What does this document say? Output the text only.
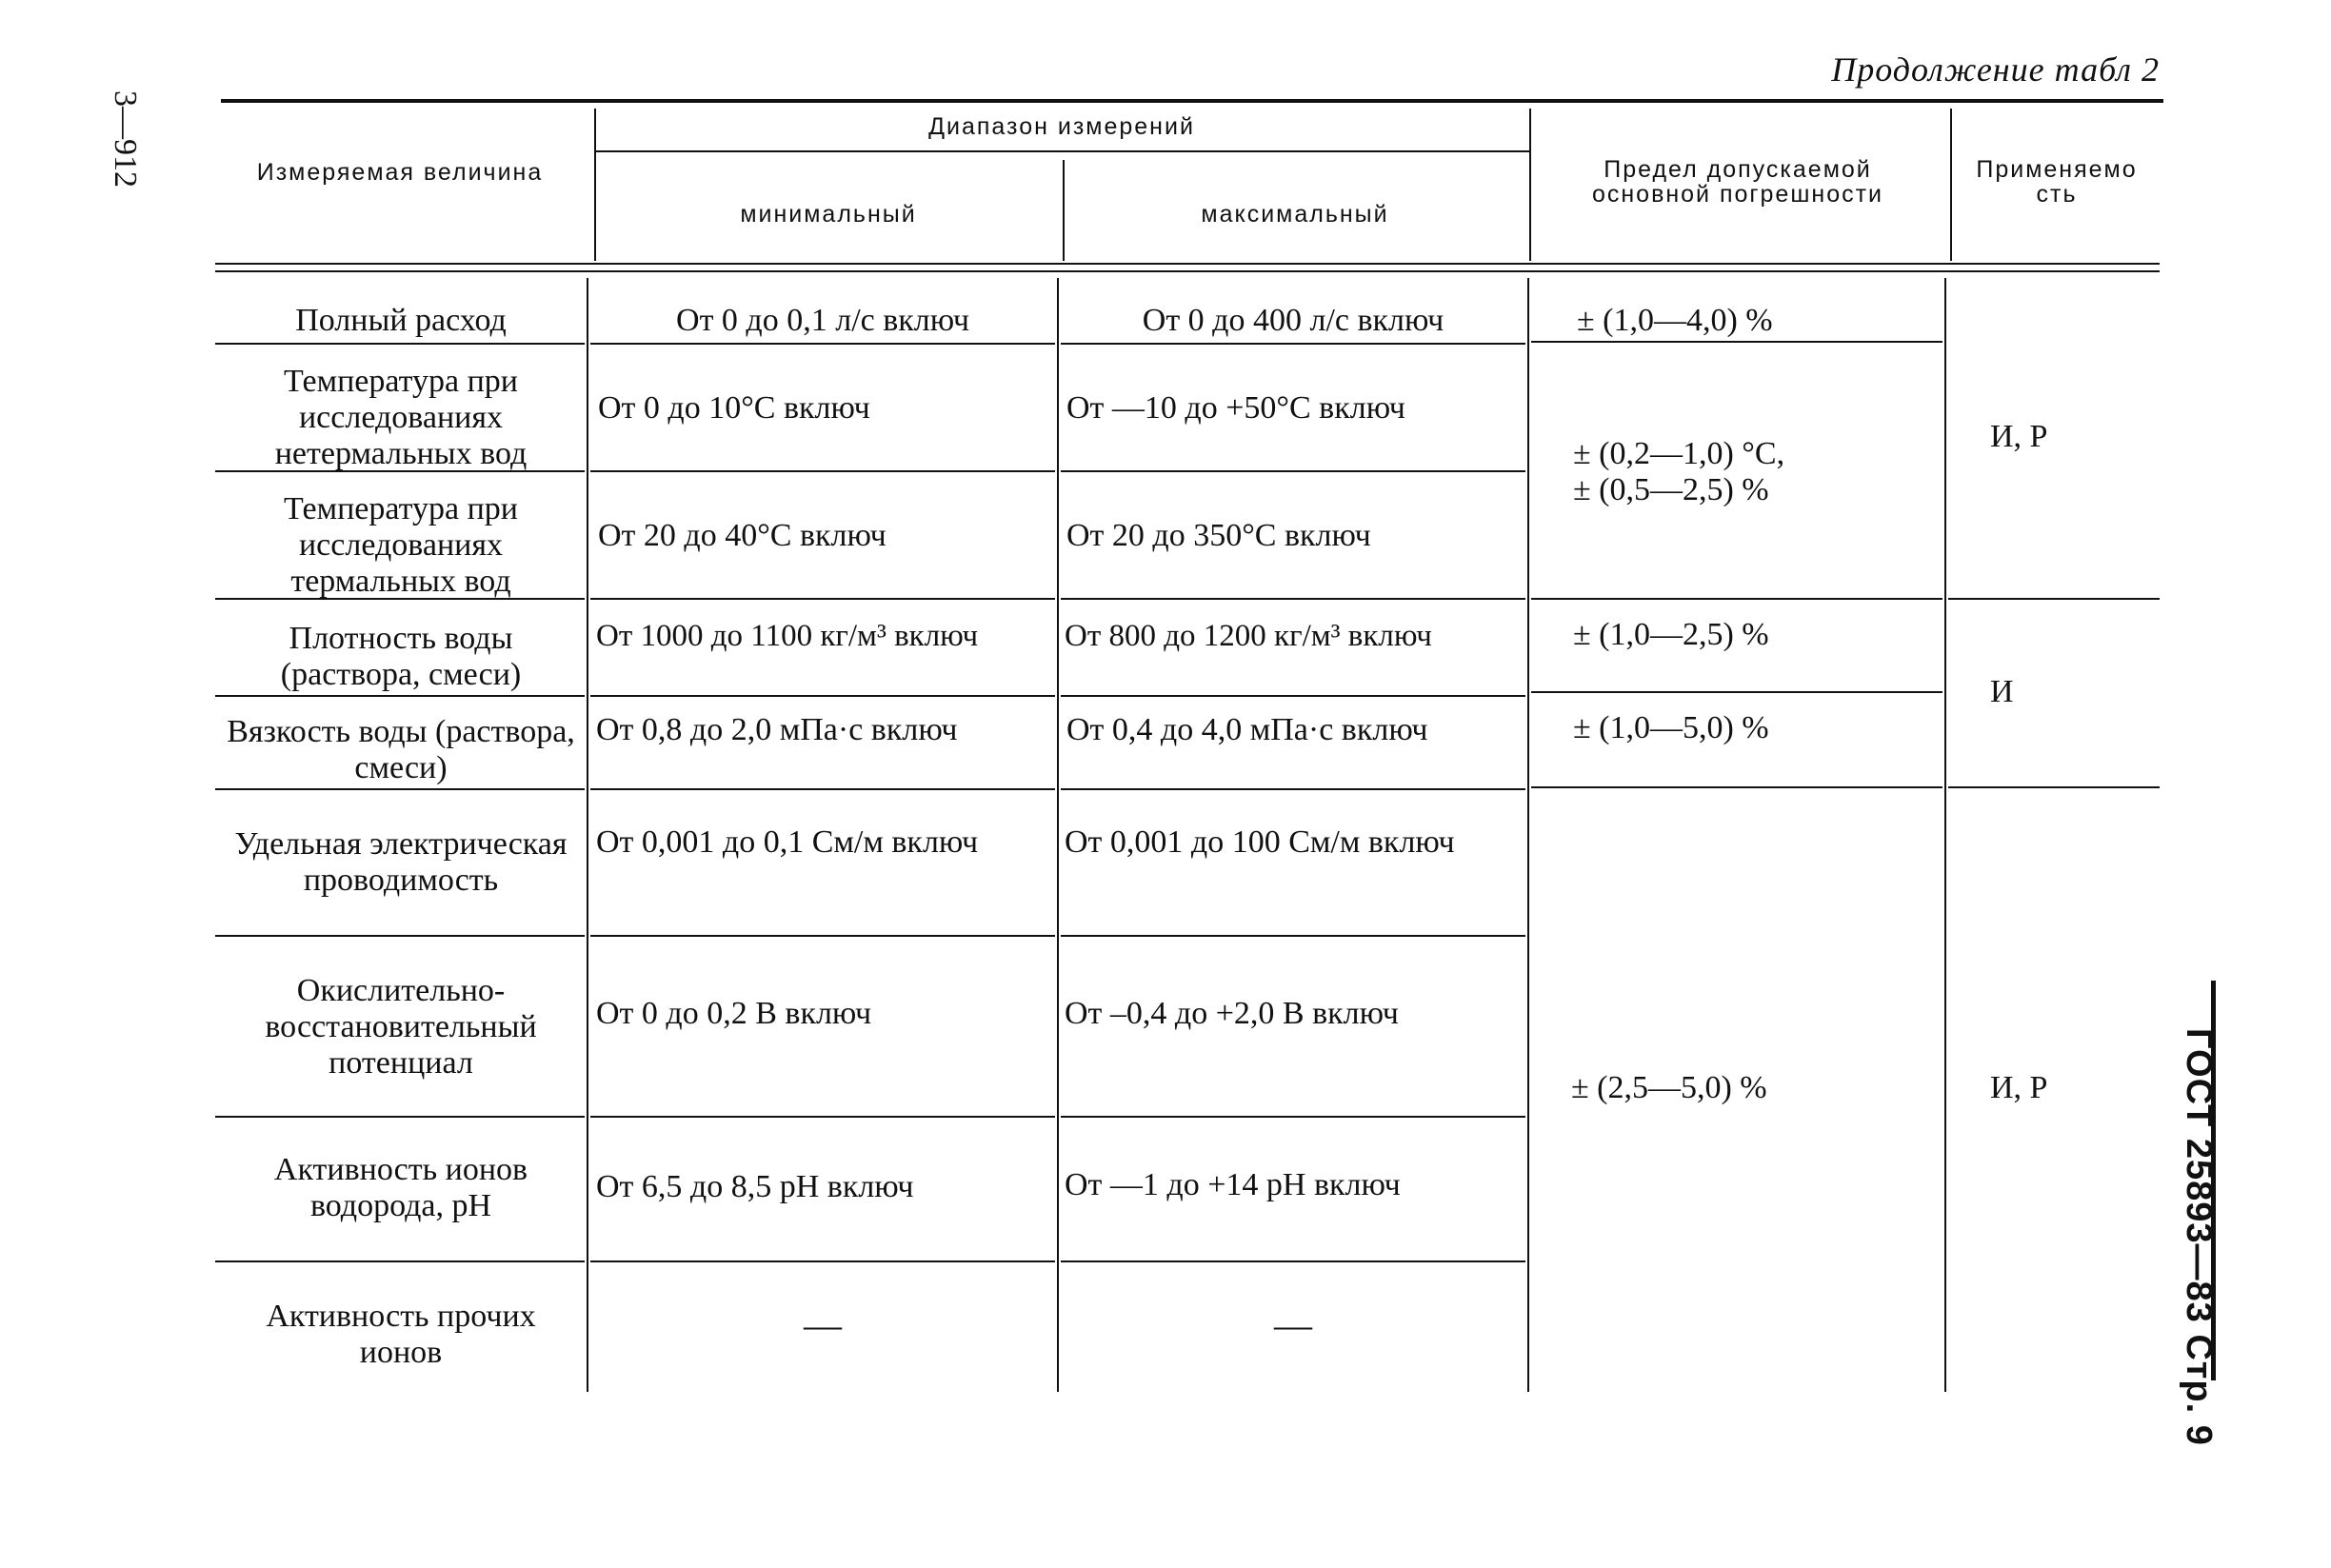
Продолжение табл 2
3—912
ГОСТ 25893—83 Стр. 9
Измеряемая величина
Диапазон измерений
минимальный	максимальный
Предел допускаемой основной погрешности
Применяемость
Полный расход
Температура при исследованиях нетермальных вод
Температура при исследованиях термальных вод
Плотность воды (раствора, смеси)
Вязкость воды (раствора, смеси)
Удельная электрическая проводимость
Окислительно-восстановительный потенциал
Активность ионов водорода, рН
Активность прочих ионов
От 0 до 0,1 л/с включ
От 0 до 10°С включ
От 20 до 40°С включ
От 1000 до 1100 кг/м³ включ
От 0,8 до 2,0 мПа·с включ
От 0,001 до 0,1 См/м включ
От 0 до 0,2 В включ
От 6,5 до 8,5 рН включ
—
От 0 до 400 л/с включ
От —10 до +50°С включ
От 20 до 350°С включ
От 800 до 1200 кг/м³ включ
От 0,4 до 4,0 мПа·с включ
От 0,001 до 100 См/м включ
От –0,4 до +2,0 В включ
От —1 до +14 рН включ
—
± (1,0—4,0) %
± (0,2—1,0) °С,
± (0,5—2,5) %
± (1,0—2,5) %
± (1,0—5,0) %
± (2,5—5,0) %
И, Р
И
И, Р
